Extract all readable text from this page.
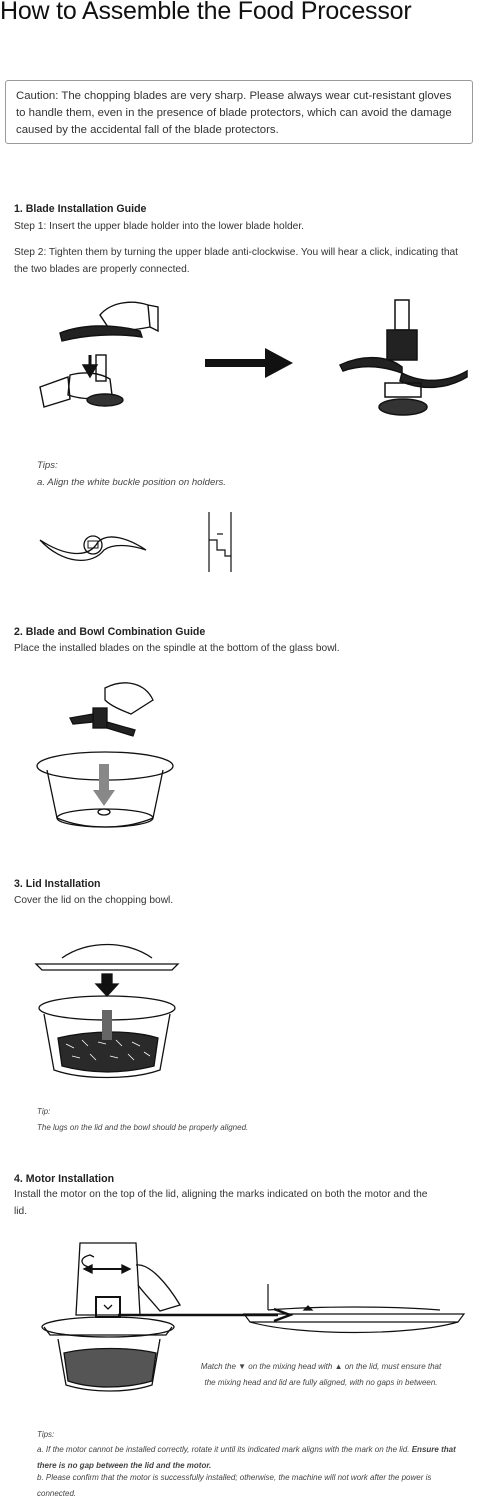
How to Assemble the Food Processor
Caution: The chopping blades are very sharp. Please always wear cut-resistant gloves to handle them, even in the presence of blade protectors, which can avoid the damage caused by the accidental fall of the blade protectors.
1. Blade Installation Guide
Step 1: Insert the upper blade holder into the lower blade holder.
Step 2: Tighten them by turning the upper blade anti-clockwise. You will hear a click, indicating that the two blades are properly connected.
Tips:
a. Align the white buckle position on holders.
2. Blade and Bowl Combination Guide
Place the installed blades on the spindle at the bottom of the glass bowl.
3. Lid Installation
Cover the lid on the chopping bowl.
Tip:
The lugs on the lid and the bowl should be properly aligned.
4. Motor Installation
Install the motor on the top of the lid, aligning the marks indicated on both the motor and the lid.
Match the ▼ on the mixing head with ▲ on the lid, must ensure that the mixing head and lid are fully aligned, with no gaps in between.
Tips:
a. If the motor cannot be installed correctly, rotate it until its indicated mark aligns with the mark on the lid. Ensure that there is no gap between the lid and the motor.
b. Please confirm that the motor is successfully installed; otherwise, the machine will not work after the power is connected.
